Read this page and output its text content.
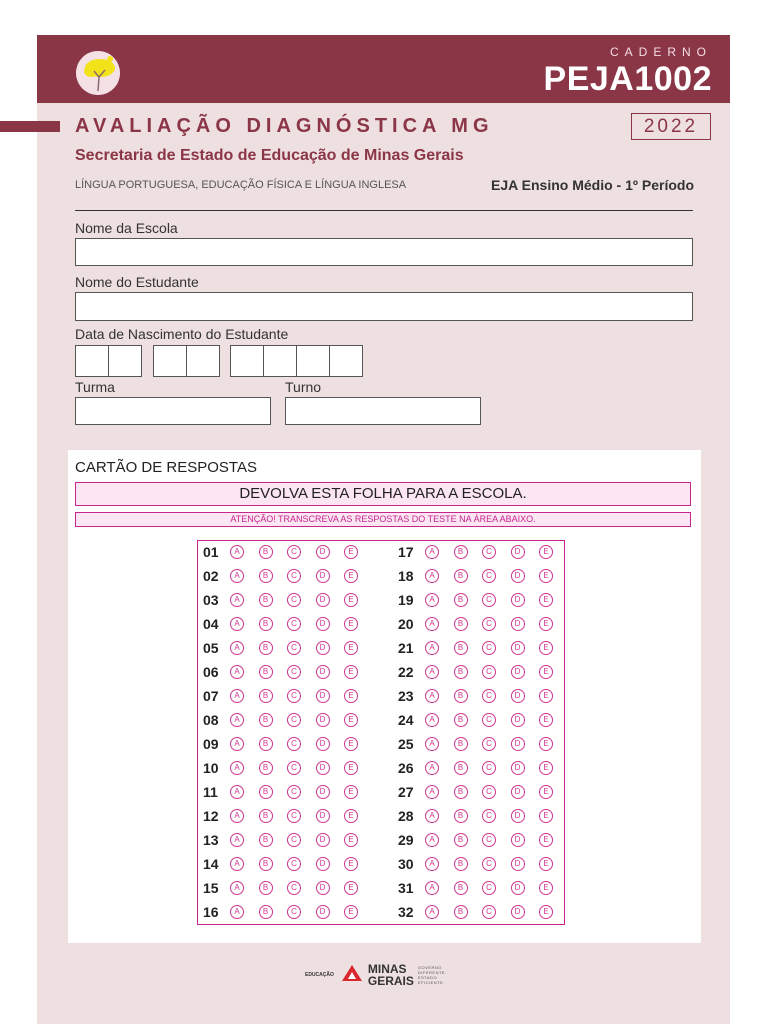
CADERNO
PEJA1002
AVALIAÇÃO DIAGNÓSTICA MG	2022
Secretaria de Estado de Educação de Minas Gerais
LÍNGUA PORTUGUESA, EDUCAÇÃO FÍSICA E LÍNGUA INGLESA	EJA Ensino Médio - 1º Período
Nome da Escola
Nome do Estudante
Data de Nascimento do Estudante
Turma	Turno
CARTÃO DE RESPOSTAS
DEVOLVA ESTA FOLHA PARA A ESCOLA.
ATENÇÃO! TRANSCREVA AS RESPOSTAS DO TESTE NA ÁREA ABAIXO.
01	A	B	C	D	E
02	A	B	C	D	E
03	A	B	C	D	E
04	A	B	C	D	E
05	A	B	C	D	E
06	A	B	C	D	E
07	A	B	C	D	E
08	A	B	C	D	E
09	A	B	C	D	E
10	A	B	C	D	E
11	A	B	C	D	E
12	A	B	C	D	E
13	A	B	C	D	E
14	A	B	C	D	E
15	A	B	C	D	E
16	A	B	C	D	E
17	A	B	C	D	E
18	A	B	C	D	E
19	A	B	C	D	E
20	A	B	C	D	E
21	A	B	C	D	E
22	A	B	C	D	E
23	A	B	C	D	E
24	A	B	C	D	E
25	A	B	C	D	E
26	A	B	C	D	E
27	A	B	C	D	E
28	A	B	C	D	E
29	A	B	C	D	E
30	A	B	C	D	E
31	A	B	C	D	E
32	A	B	C	D	E
EDUCAÇÃO	MINAS
GERAIS
GOVERNO
DIFERENTE.
ESTADO
EFICIENTE.
